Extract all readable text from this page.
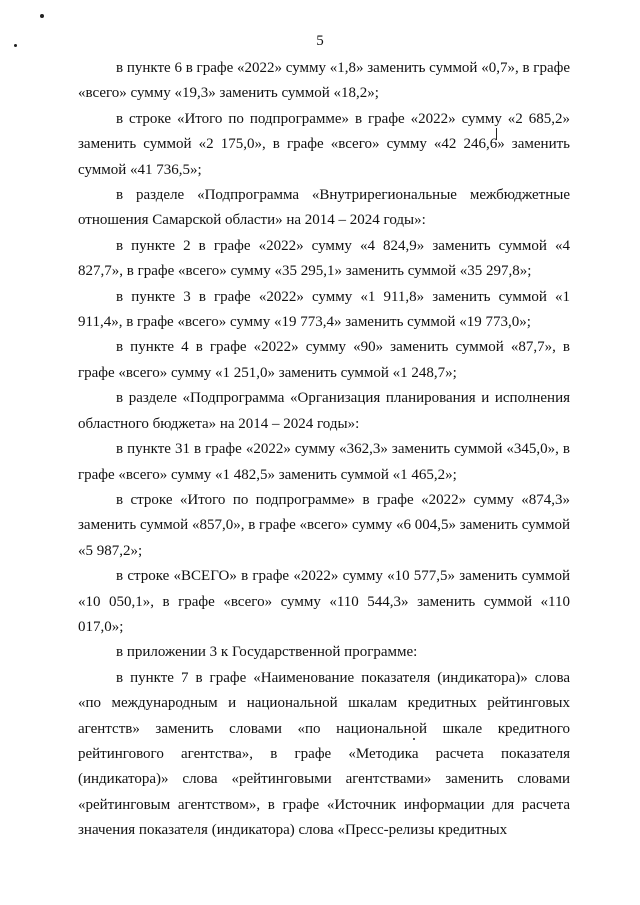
5

в пункте 6 в графе «2022» сумму «1,8» заменить суммой «0,7», в графе «всего» сумму «19,3» заменить суммой «18,2»;

в строке «Итого по подпрограмме» в графе «2022» сумму «2 685,2» заменить суммой «2 175,0», в графе «всего» сумму «42 246,6» заменить суммой «41 736,5»;

в разделе «Подпрограмма «Внутрирегиональные межбюджетные отношения Самарской области» на 2014 – 2024 годы»:

в пункте 2 в графе «2022» сумму «4 824,9» заменить суммой «4 827,7», в графе «всего» сумму «35 295,1» заменить суммой «35 297,8»;

в пункте 3 в графе «2022» сумму «1 911,8» заменить суммой «1 911,4», в графе «всего» сумму «19 773,4» заменить суммой «19 773,0»;

в пункте 4 в графе «2022» сумму «90» заменить суммой «87,7», в графе «всего» сумму «1 251,0» заменить суммой «1 248,7»;

в разделе «Подпрограмма «Организация планирования и исполнения областного бюджета» на 2014 – 2024 годы»:

в пункте 31 в графе «2022» сумму «362,3» заменить суммой «345,0», в графе «всего» сумму «1 482,5» заменить суммой «1 465,2»;

в строке «Итого по подпрограмме» в графе «2022» сумму «874,3» заменить суммой «857,0», в графе «всего» сумму «6 004,5» заменить суммой «5 987,2»;

в строке «ВСЕГО» в графе «2022» сумму «10 577,5» заменить суммой «10 050,1», в графе «всего» сумму «110 544,3» заменить суммой «110 017,0»;

в приложении 3 к Государственной программе:

в пункте 7 в графе «Наименование показателя (индикатора)» слова «по международным и национальной шкалам кредитных рейтинговых агентств» заменить словами «по национальной шкале кредитного рейтингового агентства», в графе «Методика расчета показателя (индикатора)» слова «рейтинговыми агентствами» заменить словами «рейтинговым агентством», в графе «Источник информации для расчета значения показателя (индикатора) слова «Пресс-релизы кредитных
